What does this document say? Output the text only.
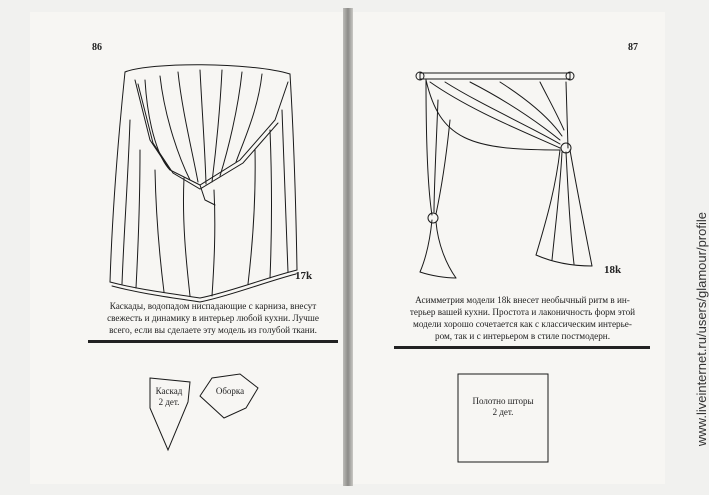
86	87
17k	18k
Каскады, водопадом ниспадающие с карниза, внесут
свежесть и динамику в интерьер любой кухни. Лучше
всего, если вы сделаете эту модель из голубой ткани.
Асимметрия модели 18k внесет необычный ритм в ин-
терьер вашей кухни. Простота и лаконичность форм этой
модели хорошо сочетается как с классическим интерье-
ром, так и с интерьером в стиле постмодерн.
Каскад
2 дет.
Оборка
Полотно шторы
2 дет.	www.liveinternet.ru/users/glamour/profile
